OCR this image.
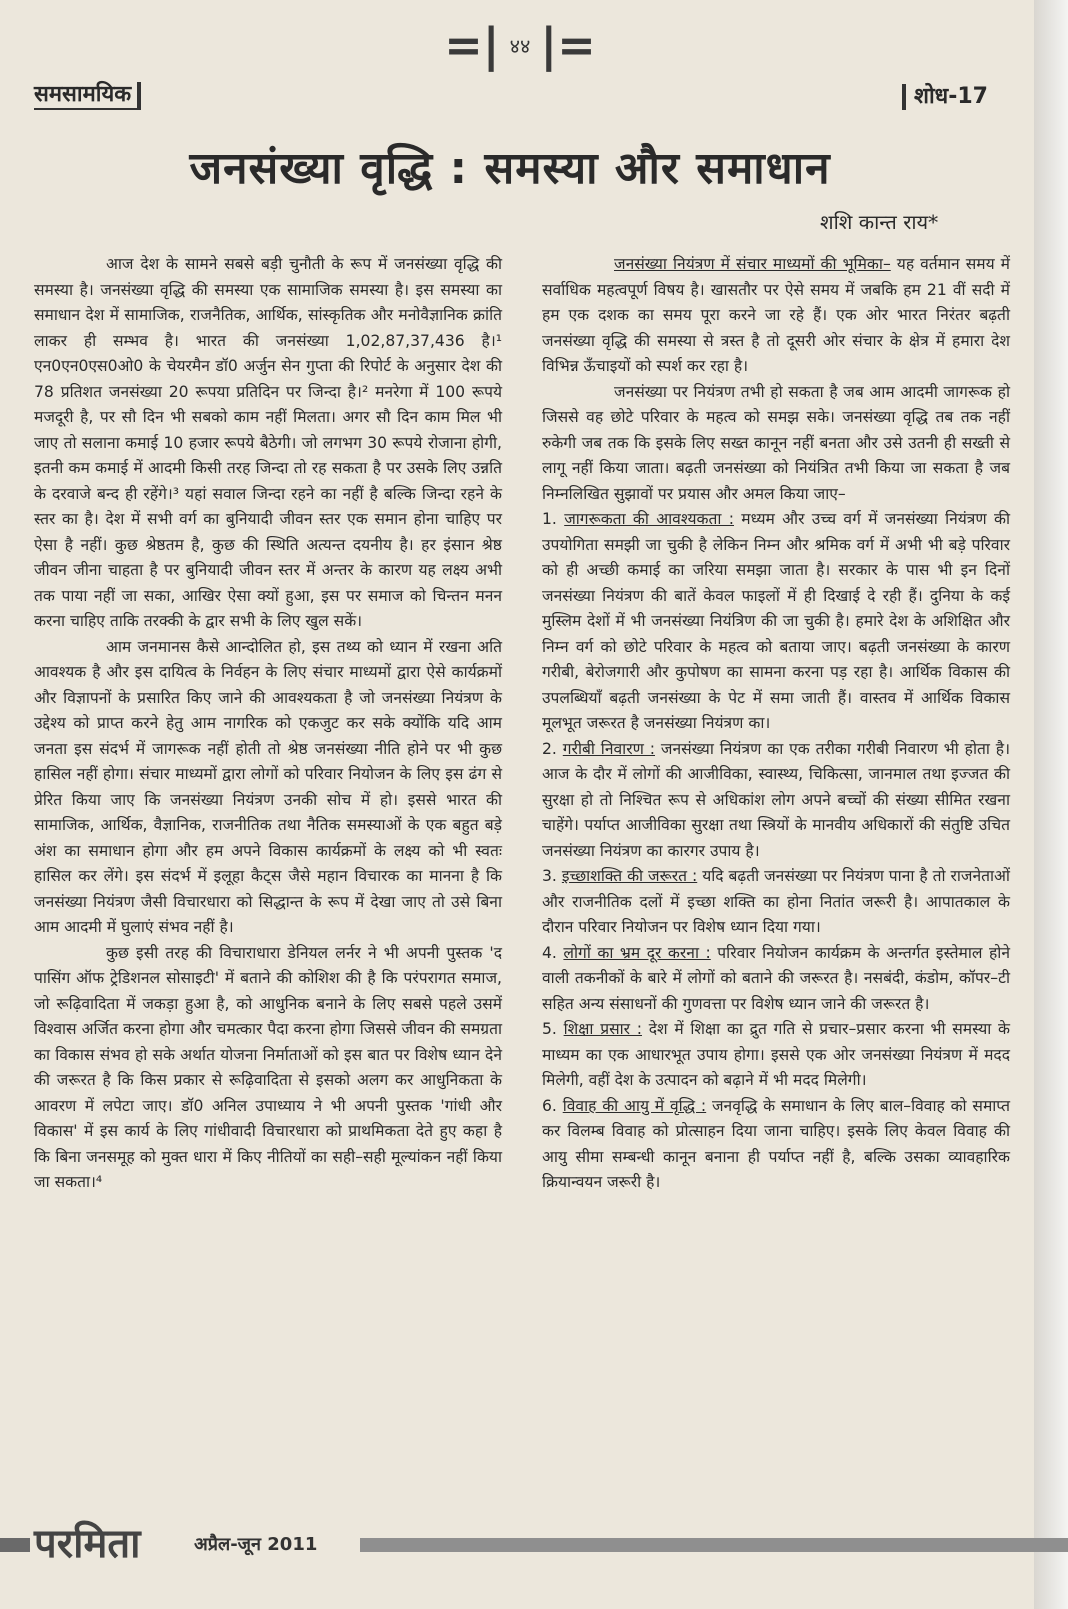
=| ४४ |=
समसामयिक	शोध-17
जनसंख्या वृद्धि : समस्या और समाधान
शशि कान्त राय*

आज देश के सामने सबसे बड़ी चुनौती के रूप में जनसंख्या वृद्धि की समस्या है। जनसंख्या वृद्धि की समस्या एक सामाजिक समस्या है। इस समस्या का समाधान देश में सामाजिक, राजनैतिक, आर्थिक, सांस्कृतिक और मनोवैज्ञानिक क्रांति लाकर ही सम्भव है। भारत की जनसंख्या 1,02,87,37,436 है।¹ एन0एन0एस0ओ0 के चेयरमैन डॉ0 अर्जुन सेन गुप्ता की रिपोर्ट के अनुसार देश की 78 प्रतिशत जनसंख्या 20 रूपया प्रतिदिन पर जिन्दा है।² मनरेगा में 100 रूपये मजदूरी है, पर सौ दिन भी सबको काम नहीं मिलता। अगर सौ दिन काम मिल भी जाए तो सलाना कमाई 10 हजार रूपये बैठेगी। जो लगभग 30 रूपये रोजाना होगी, इतनी कम कमाई में आदमी किसी तरह जिन्दा तो रह सकता है पर उसके लिए उन्नति के दरवाजे बन्द ही रहेंगे।³ यहां सवाल जिन्दा रहने का नहीं है बल्कि जिन्दा रहने के स्तर का है। देश में सभी वर्ग का बुनियादी जीवन स्तर एक समान होना चाहिए पर ऐसा है नहीं। कुछ श्रेष्ठतम है, कुछ की स्थिति अत्यन्त दयनीय है। हर इंसान श्रेष्ठ जीवन जीना चाहता है पर बुनियादी जीवन स्तर में अन्तर के कारण यह लक्ष्य अभी तक पाया नहीं जा सका, आखिर ऐसा क्यों हुआ, इस पर समाज को चिन्तन मनन करना चाहिए ताकि तरक्की के द्वार सभी के लिए खुल सकें।

आम जनमानस कैसे आन्दोलित हो, इस तथ्य को ध्यान में रखना अति आवश्यक है और इस दायित्व के निर्वहन के लिए संचार माध्यमों द्वारा ऐसे कार्यक्रमों और विज्ञापनों के प्रसारित किए जाने की आवश्यकता है जो जनसंख्या नियंत्रण के उद्देश्य को प्राप्त करने हेतु आम नागरिक को एकजुट कर सके क्योंकि यदि आम जनता इस संदर्भ में जागरूक नहीं होती तो श्रेष्ठ जनसंख्या नीति होने पर भी कुछ हासिल नहीं होगा। संचार माध्यमों द्वारा लोगों को परिवार नियोजन के लिए इस ढंग से प्रेरित किया जाए कि जनसंख्या नियंत्रण उनकी सोच में हो। इससे भारत की सामाजिक, आर्थिक, वैज्ञानिक, राजनीतिक तथा नैतिक समस्याओं के एक बहुत बड़े अंश का समाधान होगा और हम अपने विकास कार्यक्रमों के लक्ष्य को भी स्वतः हासिल कर लेंगे। इस संदर्भ में इलूहा कैट्स जैसे महान विचारक का मानना है कि जनसंख्या नियंत्रण जैसी विचारधारा को सिद्धान्त के रूप में देखा जाए तो उसे बिना आम आदमी में घुलाएं संभव नहीं है।

कुछ इसी तरह की विचाराधारा डेनियल लर्नर ने भी अपनी पुस्तक 'द पासिंग ऑफ ट्रेडिशनल सोसाइटी' में बताने की कोशिश की है कि परंपरागत समाज, जो रूढ़िवादिता में जकड़ा हुआ है, को आधुनिक बनाने के लिए सबसे पहले उसमें विश्वास अर्जित करना होगा और चमत्कार पैदा करना होगा जिससे जीवन की समग्रता का विकास संभव हो सके अर्थात योजना निर्माताओं को इस बात पर विशेष ध्यान देने की जरूरत है कि किस प्रकार से रूढ़िवादिता से इसको अलग कर आधुनिकता के आवरण में लपेटा जाए। डॉ0 अनिल उपाध्याय ने भी अपनी पुस्तक 'गांधी और विकास' में इस कार्य के लिए गांधीवादी विचारधारा को प्राथमिकता देते हुए कहा है कि बिना जनसमूह को मुक्त धारा में किए नीतियों का सही–सही मूल्यांकन नहीं किया जा सकता।⁴

जनसंख्या नियंत्रण में संचार माध्यमों की भूमिका– यह वर्तमान समय में सर्वाधिक महत्वपूर्ण विषय है। खासतौर पर ऐसे समय में जबकि हम 21 वीं सदी में हम एक दशक का समय पूरा करने जा रहे हैं। एक ओर भारत निरंतर बढ़ती जनसंख्या वृद्धि की समस्या से त्रस्त है तो दूसरी ओर संचार के क्षेत्र में हमारा देश विभिन्न ऊँचाइयों को स्पर्श कर रहा है।

जनसंख्या पर नियंत्रण तभी हो सकता है जब आम आदमी जागरूक हो जिससे वह छोटे परिवार के महत्व को समझ सके। जनसंख्या वृद्धि तब तक नहीं रुकेगी जब तक कि इसके लिए सख्त कानून नहीं बनता और उसे उतनी ही सख्ती से लागू नहीं किया जाता। बढ़ती जनसंख्या को नियंत्रित तभी किया जा सकता है जब निम्नलिखित सुझावों पर प्रयास और अमल किया जाए–

1. जागरूकता की आवश्यकता : मध्यम और उच्च वर्ग में जनसंख्या नियंत्रण की उपयोगिता समझी जा चुकी है लेकिन निम्न और श्रमिक वर्ग में अभी भी बड़े परिवार को ही अच्छी कमाई का जरिया समझा जाता है। सरकार के पास भी इन दिनों जनसंख्या नियंत्रण की बातें केवल फाइलों में ही दिखाई दे रही हैं। दुनिया के कई मुस्लिम देशों में भी जनसंख्या नियंत्रिण की जा चुकी है। हमारे देश के अशिक्षित और निम्न वर्ग को छोटे परिवार के महत्व को बताया जाए। बढ़ती जनसंख्या के कारण गरीबी, बेरोजगारी और कुपोषण का सामना करना पड़ रहा है। आर्थिक विकास की उपलब्धियाँ बढ़ती जनसंख्या के पेट में समा जाती हैं। वास्तव में आर्थिक विकास मूलभूत जरूरत है जनसंख्या नियंत्रण का।

2. गरीबी निवारण : जनसंख्या नियंत्रण का एक तरीका गरीबी निवारण भी होता है। आज के दौर में लोगों की आजीविका, स्वास्थ्य, चिकित्सा, जानमाल तथा इज्जत की सुरक्षा हो तो निश्चित रूप से अधिकांश लोग अपने बच्चों की संख्या सीमित रखना चाहेंगे। पर्याप्त आजीविका सुरक्षा तथा स्त्रियों के मानवीय अधिकारों की संतुष्टि उचित जनसंख्या नियंत्रण का कारगर उपाय है।

3. इच्छाशक्ति की जरूरत : यदि बढ़ती जनसंख्या पर नियंत्रण पाना है तो राजनेताओं और राजनीतिक दलों में इच्छा शक्ति का होना नितांत जरूरी है। आपातकाल के दौरान परिवार नियोजन पर विशेष ध्यान दिया गया।

4. लोगों का भ्रम दूर करना : परिवार नियोजन कार्यक्रम के अन्तर्गत इस्तेमाल होने वाली तकनीकों के बारे में लोगों को बताने की जरूरत है। नसबंदी, कंडोम, कॉपर–टी सहित अन्य संसाधनों की गुणवत्ता पर विशेष ध्यान जाने की जरूरत है।

5. शिक्षा प्रसार : देश में शिक्षा का द्रुत गति से प्रचार–प्रसार करना भी समस्या के माध्यम का एक आधारभूत उपाय होगा। इससे एक ओर जनसंख्या नियंत्रण में मदद मिलेगी, वहीं देश के उत्पादन को बढ़ाने में भी मदद मिलेगी।

6. विवाह की आयु में वृद्धि : जनवृद्धि के समाधान के लिए बाल–विवाह को समाप्त कर विलम्ब विवाह को प्रोत्साहन दिया जाना चाहिए। इसके लिए केवल विवाह की आयु सीमा सम्बन्धी कानून बनाना ही पर्याप्त नहीं है, बल्कि उसका व्यावहारिक क्रियान्वयन जरूरी है।

परमिता	अप्रैल-जून 2011
